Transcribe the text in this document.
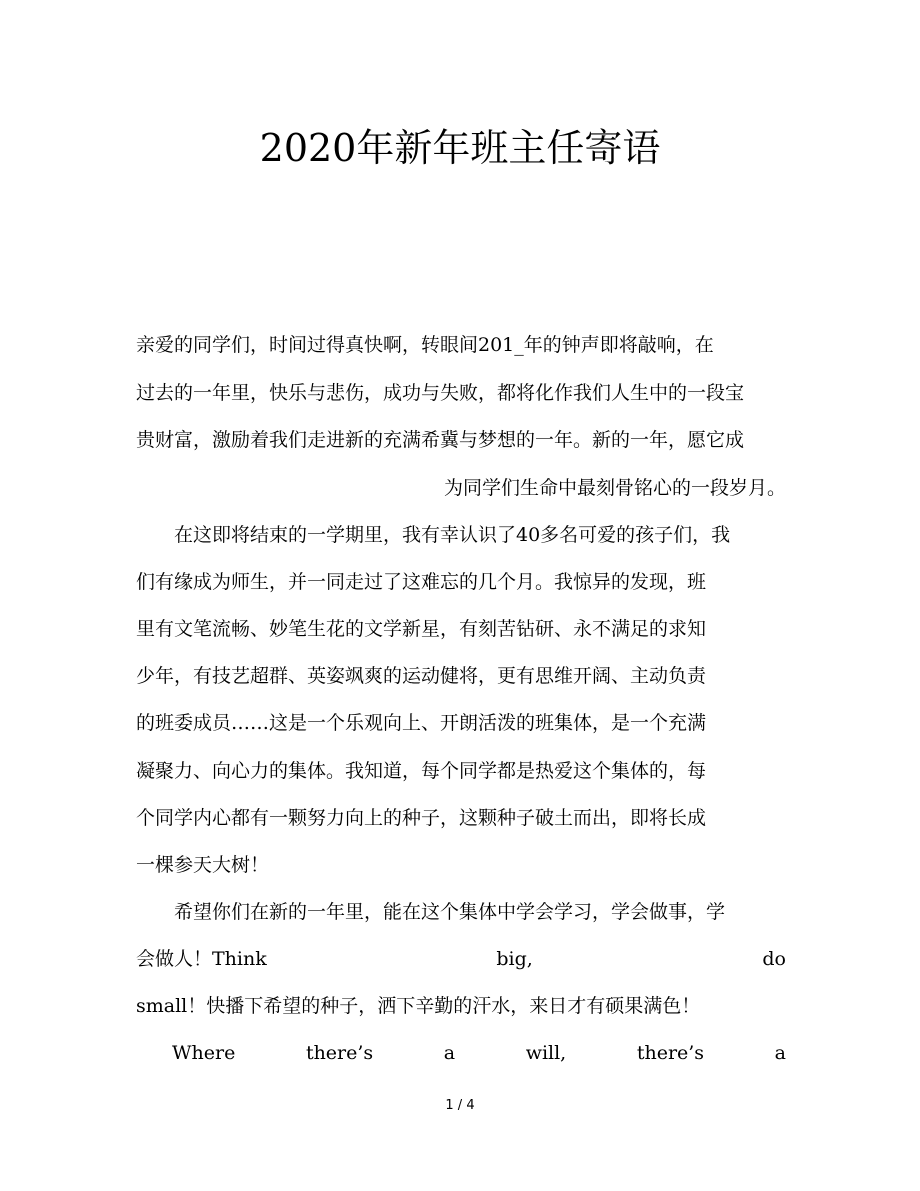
2020年新年班主任寄语
亲爱的同学们，时间过得真快啊，转眼间201_年的钟声即将敲响，在
过去的一年里，快乐与悲伤，成功与失败，都将化作我们人生中的一段宝
贵财富，激励着我们走进新的充满希冀与梦想的一年。新的一年，愿它成
为同学们生命中最刻骨铭心的一段岁月。
　　在这即将结束的一学期里，我有幸认识了40多名可爱的孩子们，我
们有缘成为师生，并一同走过了这难忘的几个月。我惊异的发现，班
里有文笔流畅、妙笔生花的文学新星，有刻苦钻研、永不满足的求知
少年，有技艺超群、英姿飒爽的运动健将，更有思维开阔、主动负责
的班委成员……这是一个乐观向上、开朗活泼的班集体，是一个充满
凝聚力、向心力的集体。我知道，每个同学都是热爱这个集体的，每
个同学内心都有一颗努力向上的种子，这颗种子破土而出，即将长成
一棵参天大树！
　　希望你们在新的一年里，能在这个集体中学会学习，学会做事，学
会做人！Think	big,	do
small！快播下希望的种子，洒下辛勤的汗水，来日才有硕果满色！
Where	there’s	a	will,	there’s	a
1 / 4
